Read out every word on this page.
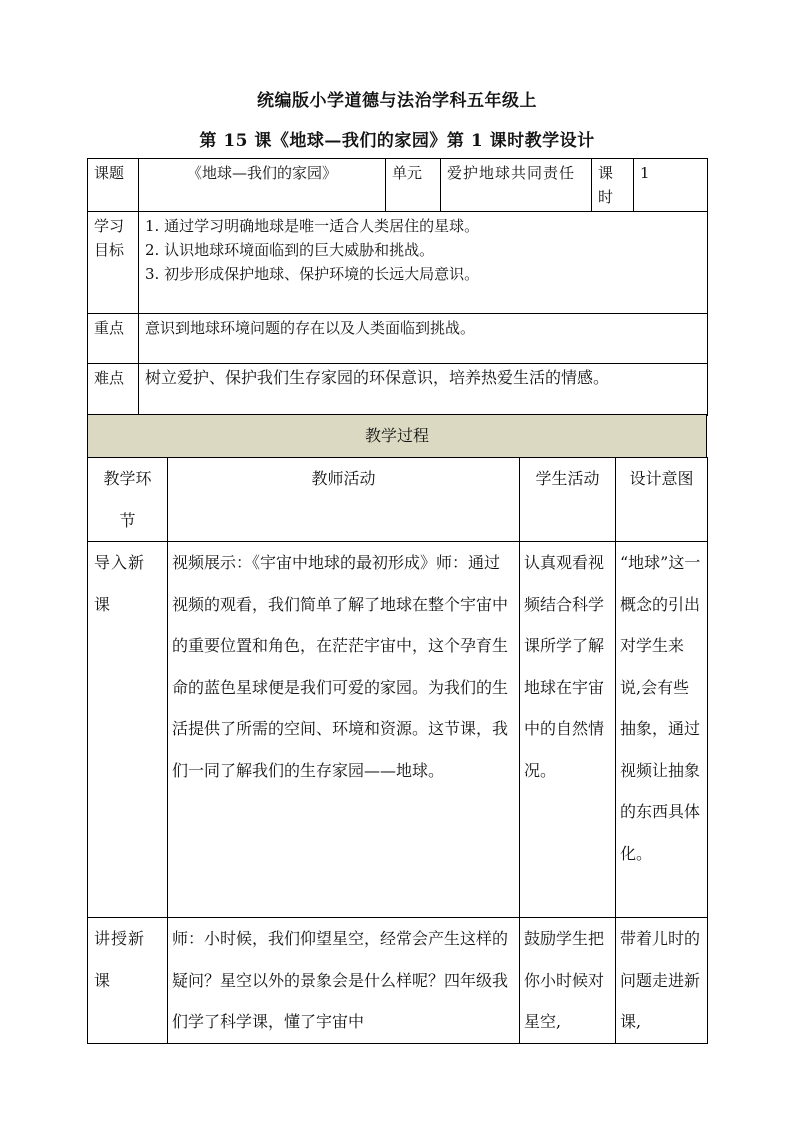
统编版小学道德与法治学科五年级上
第 15 课《地球—我们的家园》第 1 课时教学设计
课题	《地球—我们的家园》	单元	爱护地球共同责任	课时	1
学习目标	1. 通过学习明确地球是唯一适合人类居住的星球。
2. 认识地球环境面临到的巨大威胁和挑战。
3. 初步形成保护地球、保护环境的长远大局意识。				

重点	意识到地球环境问题的存在以及人类面临到挑战。				
难点	树立爱护、保护我们生存家园的环保意识，培养热爱生活的情感。				
教学过程
教学环节	教师活动	学生活动	设计意图
导入新课	视频展示：《宇宙中地球的最初形成》师：通过视频的观看，我们简单了解了地球在整个宇宙中的重要位置和角色，在茫茫宇宙中，这个孕育生命的蓝色星球便是我们可爱的家园。为我们的生活提供了所需的空间、环境和资源。这节课，我们一同了解我们的生存家园——地球。	认真观看视频结合科学课所学了解地球在宇宙中的自然情况。	“地球”这一概念的引出对学生来说,会有些抽象，通过视频让抽象的东西具体化。
讲授新课	师：小时候，我们仰望星空，经常会产生这样的疑问？星空以外的景象会是什么样呢？四年级我们学了科学课，懂了宇宙中	鼓励学生把你小时候对星空,	带着儿时的问题走进新课,
